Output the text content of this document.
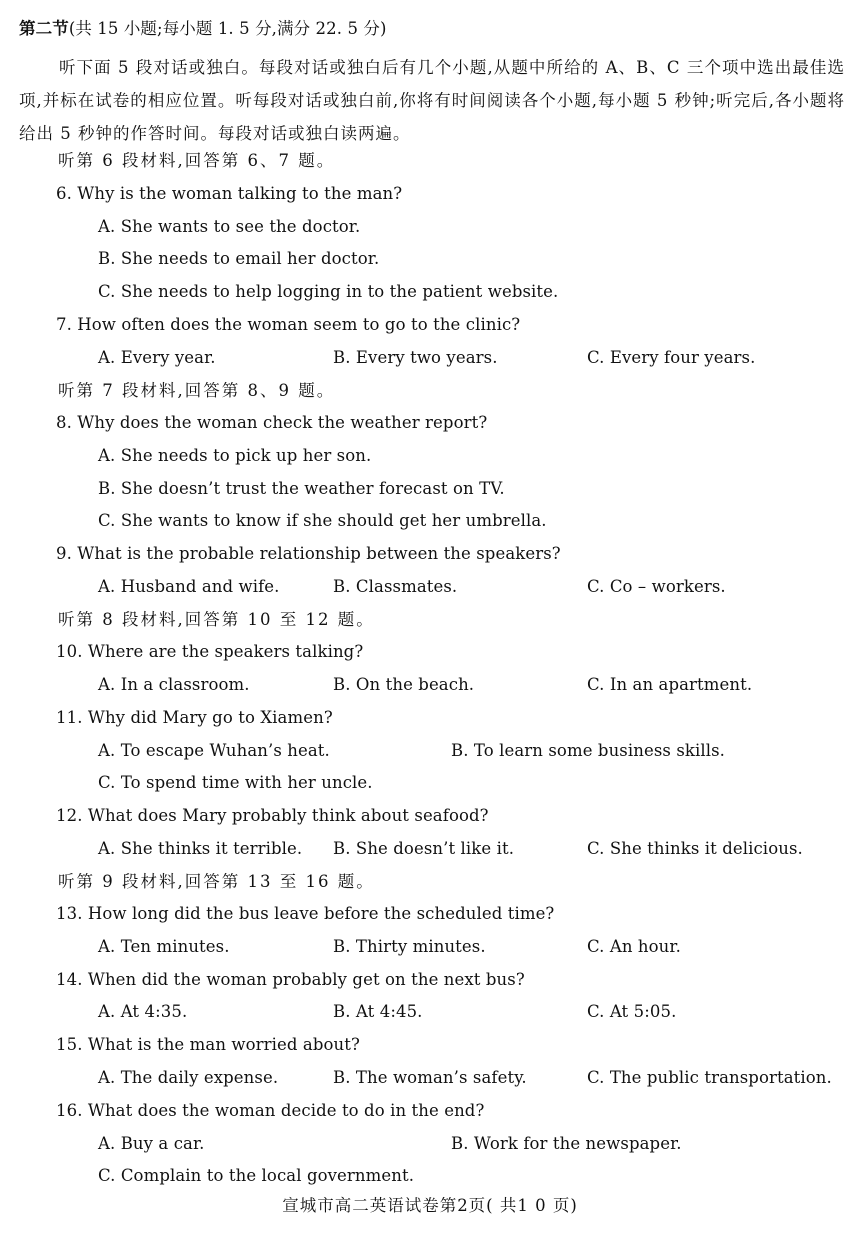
第二节(共 15 小题;每小题 1. 5 分,满分 22. 5 分)
听下面 5 段对话或独白。每段对话或独白后有几个小题,从题中所给的 A、B、C 三个项中选出最佳选项,并标在试卷的相应位置。听每段对话或独白前,你将有时间阅读各个小题,每小题 5 秒钟;听完后,各小题将给出 5 秒钟的作答时间。每段对话或独白读两遍。
听第 6 段材料,回答第 6、7 题。
6. Why is the woman talking to the man?
A. She wants to see the doctor.
B. She needs to email her doctor.
C. She needs to help logging in to the patient website.
7. How often does the woman seem to go to the clinic?
A. Every year.	B. Every two years.	C. Every four years.
听第 7 段材料,回答第 8、9 题。
8. Why does the woman check the weather report?
A. She needs to pick up her son.
B. She doesn’t trust the weather forecast on TV.
C. She wants to know if she should get her umbrella.
9. What is the probable relationship between the speakers?
A. Husband and wife.	B. Classmates.	C. Co – workers.
听第 8 段材料,回答第 10 至 12 题。
10. Where are the speakers talking?
A. In a classroom.	B. On the beach.	C. In an apartment.
11. Why did Mary go to Xiamen?
A. To escape Wuhan’s heat.	B. To learn some business skills.
C. To spend time with her uncle.
12. What does Mary probably think about seafood?
A. She thinks it terrible. B. She doesn’t like it.	C. She thinks it delicious.
听第 9 段材料,回答第 13 至 16 题。
13. How long did the bus leave before the scheduled time?
A. Ten minutes.	B. Thirty minutes.	C. An hour.
14. When did the woman probably get on the next bus?
A. At 4:35.	B. At 4:45.	C. At 5:05.
15. What is the man worried about?
A. The daily expense.	B. The woman’s safety.	C. The public transportation.
16. What does the woman decide to do in the end?
A. Buy a car.	B. Work for the newspaper.
C. Complain to the local government.
宣城市高二英语试卷第2页( 共1 0 页)
